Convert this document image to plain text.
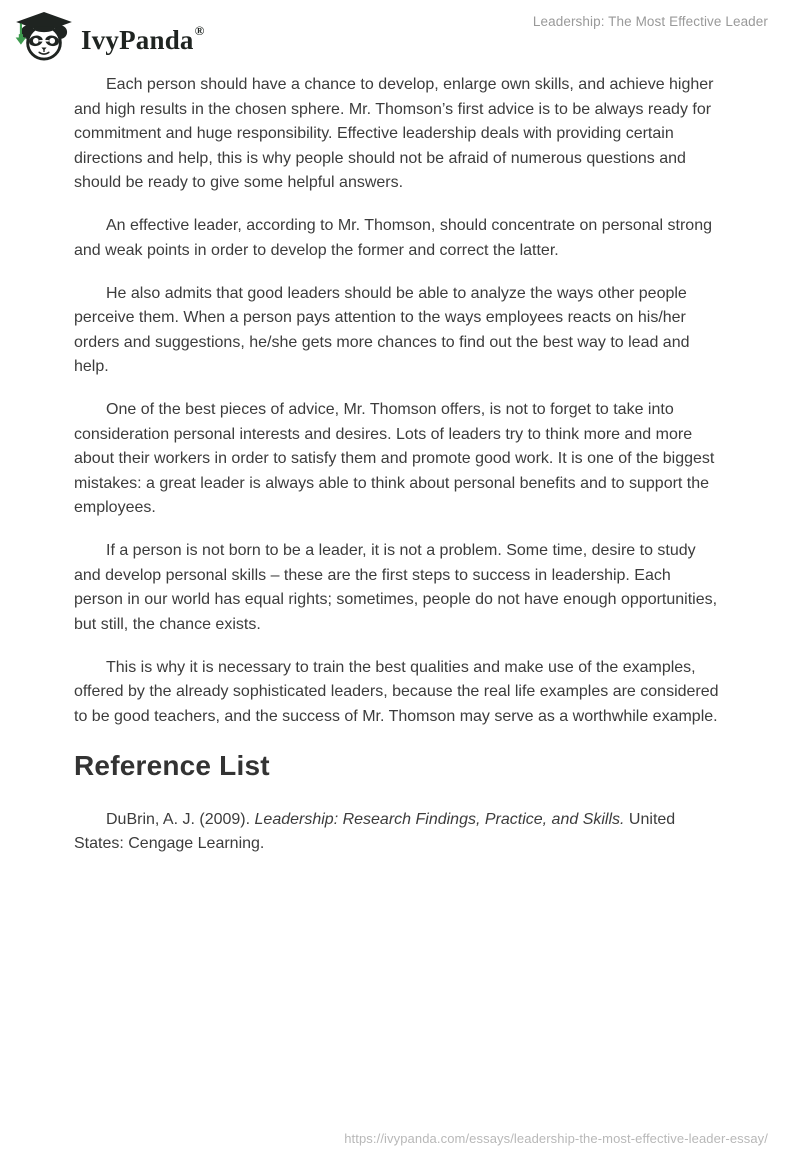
IvyPanda®
Leadership: The Most Effective Leader

Each person should have a chance to develop, enlarge own skills, and achieve higher and high results in the chosen sphere. Mr. Thomson’s first advice is to be always ready for commitment and huge responsibility. Effective leadership deals with providing certain directions and help, this is why people should not be afraid of numerous questions and should be ready to give some helpful answers.

An effective leader, according to Mr. Thomson, should concentrate on personal strong and weak points in order to develop the former and correct the latter.

He also admits that good leaders should be able to analyze the ways other people perceive them. When a person pays attention to the ways employees reacts on his/her orders and suggestions, he/she gets more chances to find out the best way to lead and help.

One of the best pieces of advice, Mr. Thomson offers, is not to forget to take into consideration personal interests and desires. Lots of leaders try to think more and more about their workers in order to satisfy them and promote good work. It is one of the biggest mistakes: a great leader is always able to think about personal benefits and to support the employees.

If a person is not born to be a leader, it is not a problem. Some time, desire to study and develop personal skills – these are the first steps to success in leadership. Each person in our world has equal rights; sometimes, people do not have enough opportunities, but still, the chance exists.

This is why it is necessary to train the best qualities and make use of the examples, offered by the already sophisticated leaders, because the real life examples are considered to be good teachers, and the success of Mr. Thomson may serve as a worthwhile example.

Reference List

DuBrin, A. J. (2009). Leadership: Research Findings, Practice, and Skills. United States: Cengage Learning.

https://ivypanda.com/essays/leadership-the-most-effective-leader-essay/
